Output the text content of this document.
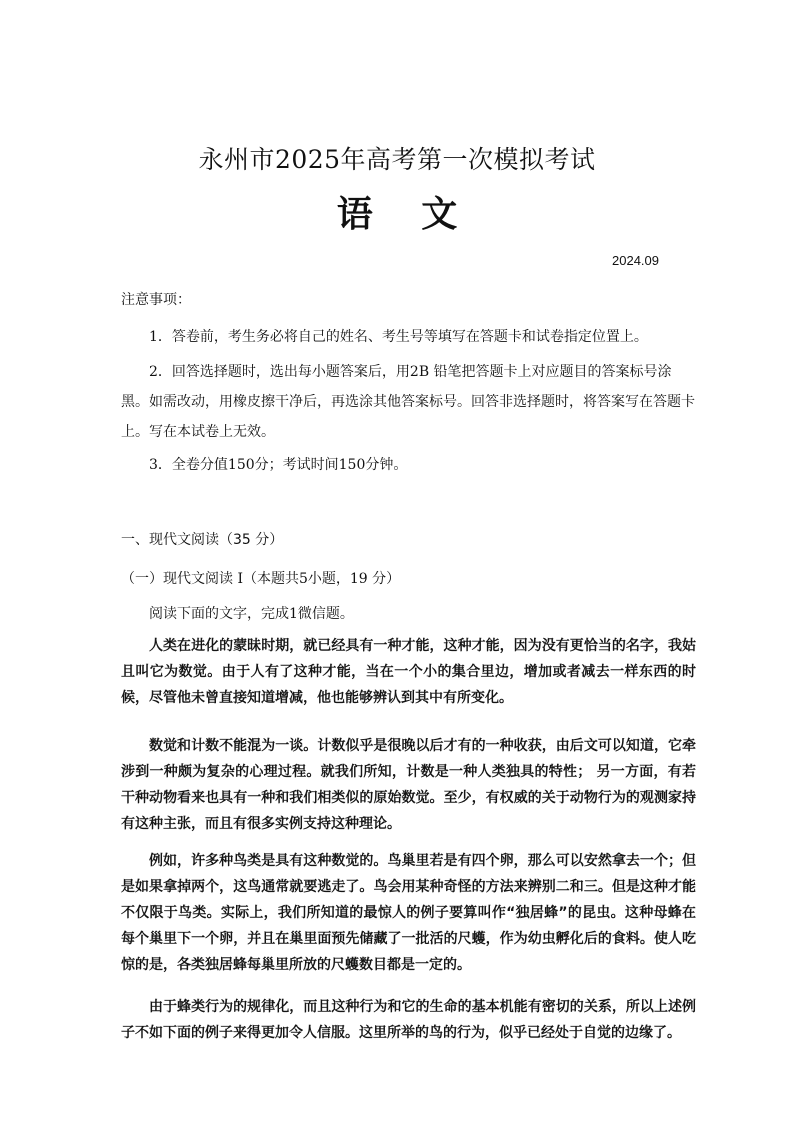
永州市2025年高考第一次模拟考试
语 文
2024.09
注意事项：
1．答卷前，考生务必将自己的姓名、考生号等填写在答题卡和试卷指定位置上。
2．回答选择题时，选出每小题答案后，用2B 铅笔把答题卡上对应题目的答案标号涂黑。如需改动，用橡皮擦干净后，再选涂其他答案标号。回答非选择题时，将答案写在答题卡上。写在本试卷上无效。
3．全卷分值150分；考试时间150分钟。
一、现代文阅读（35 分）
（一）现代文阅读 I（本题共5小题，19 分）
阅读下面的文字，完成1微信题。
人类在进化的蒙昧时期，就已经具有一种才能，这种才能，因为没有更恰当的名字，我姑且叫它为数觉。由于人有了这种才能，当在一个小的集合里边，增加或者减去一样东西的时候，尽管他未曾直接知道增减，他也能够辨认到其中有所变化。
数觉和计数不能混为一谈。计数似乎是很晚以后才有的一种收获，由后文可以知道，它牵涉到一种颇为复杂的心理过程。就我们所知，计数是一种人类独具的特性； 另一方面，有若干种动物看来也具有一种和我们相类似的原始数觉。至少，有权威的关于动物行为的观测家持有这种主张，而且有很多实例支持这种理论。
例如，许多种鸟类是具有这种数觉的。鸟巢里若是有四个卵，那么可以安然拿去一个；但是如果拿掉两个，这鸟通常就要逃走了。鸟会用某种奇怪的方法来辨别二和三。但是这种才能不仅限于鸟类。实际上，我们所知道的最惊人的例子要算叫作“独居蜂”的昆虫。这种母蜂在每个巢里下一个卵，并且在巢里面预先储藏了一批活的尺蠖，作为幼虫孵化后的食料。使人吃惊的是，各类独居蜂每巢里所放的尺蠖数目都是一定的。
由于蜂类行为的规律化，而且这种行为和它的生命的基本机能有密切的关系，所以上述例子不如下面的例子来得更加令人信服。这里所举的鸟的行为，似乎已经处于自觉的边缘了。
